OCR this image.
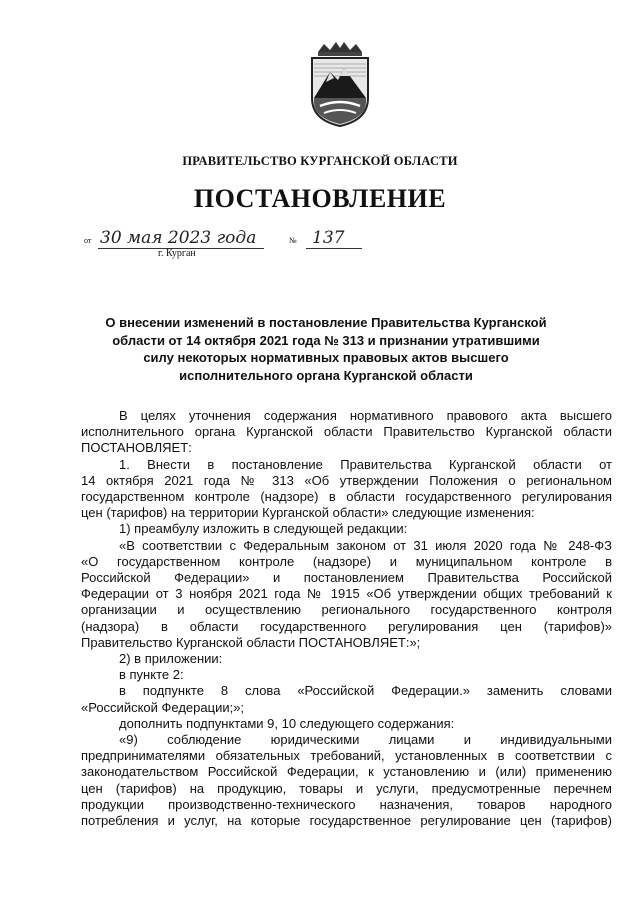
ПРАВИТЕЛЬСТВО КУРГАНСКОЙ ОБЛАСТИ
ПОСТАНОВЛЕНИЕ
от 30 мая 2023 года	№ 137
г. Курган
О внесении изменений в постановление Правительства Курганской области от 14 октября 2021 года № 313 и признании утратившими силу некоторых нормативных правовых актов высшего исполнительного органа Курганской области

В целях уточнения содержания нормативного правового акта высшего

исполнительного органа Курганской области Правительство Курганской области

ПОСТАНОВЛЯЕТ:

1. Внести в постановление Правительства Курганской области от

14 октября 2021 года № 313 «Об утверждении Положения о региональном

государственном контроле (надзоре) в области государственного регулирования

цен (тарифов) на территории Курганской области» следующие изменения:

1) преамбулу изложить в следующей редакции:

«В соответствии с Федеральным законом от 31 июля 2020 года № 248-ФЗ

«О государственном контроле (надзоре) и муниципальном контроле в

Российской Федерации» и постановлением Правительства Российской

Федерации от 3 ноября 2021 года № 1915 «Об утверждении общих требований к

организации и осуществлению регионального государственного контроля

(надзора) в области государственного регулирования цен (тарифов)»

Правительство Курганской области ПОСТАНОВЛЯЕТ:»;

2) в приложении:

в пункте 2:

в подпункте 8 слова «Российской Федерации.» заменить словами

«Российской Федерации;»;

дополнить подпунктами 9, 10 следующего содержания:

«9) соблюдение юридическими лицами и индивидуальными

предпринимателями обязательных требований, установленных в соответствии с

законодательством Российской Федерации, к установлению и (или) применению

цен (тарифов) на продукцию, товары и услуги, предусмотренные перечнем

продукции производственно-технического назначения, товаров народного

потребления и услуг, на которые государственное регулирование цен (тарифов)
